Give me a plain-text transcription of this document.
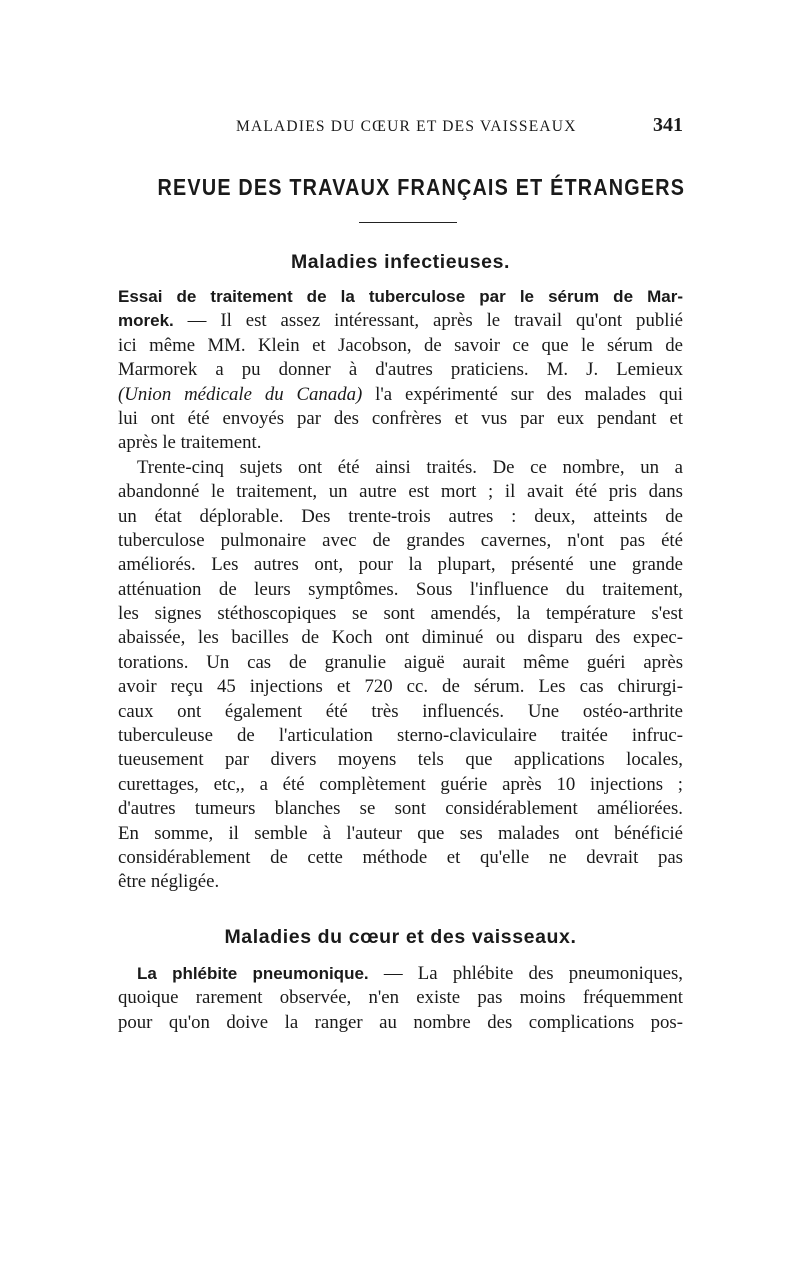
MALADIES DU CŒUR ET DES VAISSEAUX	341
REVUE DES TRAVAUX FRANÇAIS ET ÉTRANGERS
Maladies infectieuses.
Essai de traitement de la tuberculose par le sérum de Mar-
morek. — Il est assez intéressant, après le travail qu'ont publié
ici même MM. Klein et Jacobson, de savoir ce que le sérum de
Marmorek a pu donner à d'autres praticiens. M. J. Lemieux
(Union médicale du Canada) l'a expérimenté sur des malades qui
lui ont été envoyés par des confrères et vus par eux pendant et
après le traitement.
Trente-cinq sujets ont été ainsi traités. De ce nombre, un a
abandonné le traitement, un autre est mort ; il avait été pris dans
un état déplorable. Des trente-trois autres : deux, atteints de
tuberculose pulmonaire avec de grandes cavernes, n'ont pas été
améliorés. Les autres ont, pour la plupart, présenté une grande
atténuation de leurs symptômes. Sous l'influence du traitement,
les signes stéthoscopiques se sont amendés, la température s'est
abaissée, les bacilles de Koch ont diminué ou disparu des expec-
torations. Un cas de granulie aiguë aurait même guéri après
avoir reçu 45 injections et 720 cc. de sérum. Les cas chirurgi-
caux ont également été très influencés. Une ostéo-arthrite
tuberculeuse de l'articulation sterno-claviculaire traitée infruc-
tueusement par divers moyens tels que applications locales,
curettages, etc,, a été complètement guérie après 10 injections ;
d'autres tumeurs blanches se sont considérablement améliorées.
En somme, il semble à l'auteur que ses malades ont bénéficié
considérablement de cette méthode et qu'elle ne devrait pas
être négligée.
Maladies du cœur et des vaisseaux.
La phlébite pneumonique. — La phlébite des pneumoniques,
quoique rarement observée, n'en existe pas moins fréquemment
pour qu'on doive la ranger au nombre des complications pos-
